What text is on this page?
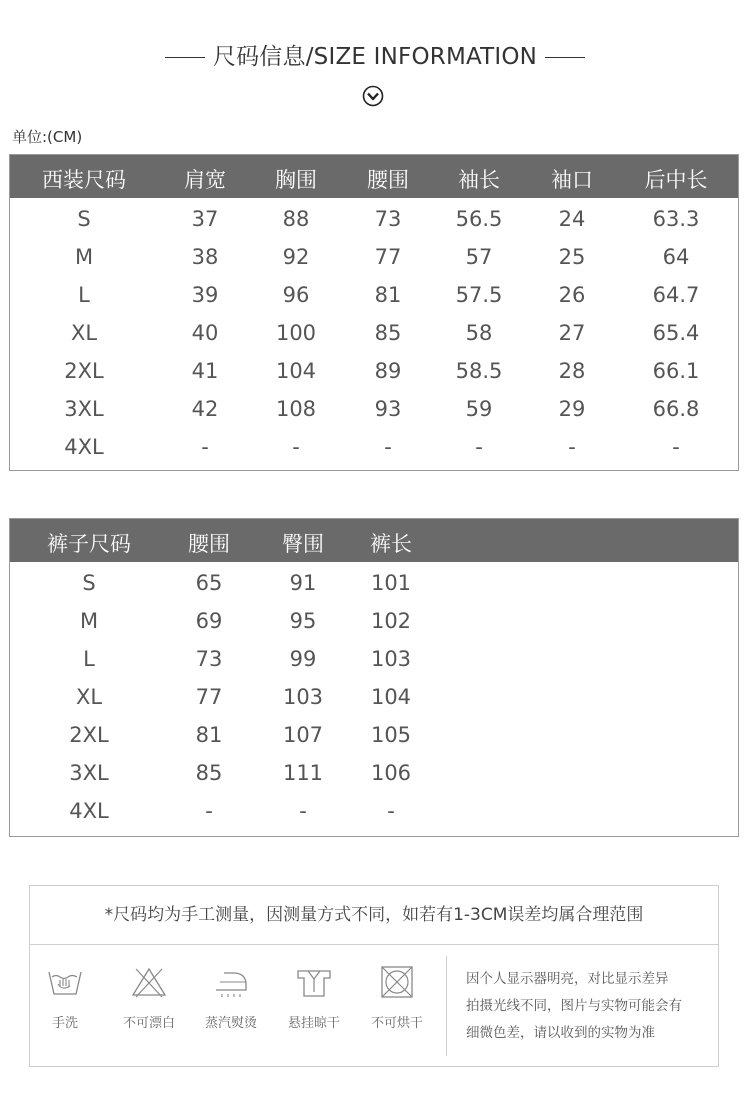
尺码信息/SIZE INFORMATION
单位:(CM)
西装尺码	肩宽	胸围	腰围	袖长	袖口	后中长
S	37	88	73	56.5	24	63.3
M	38	92	77	57	25	64
L	39	96	81	57.5	26	64.7
XL	40	100	85	58	27	65.4
2XL	41	104	89	58.5	28	66.1
3XL	42	108	93	59	29	66.8
4XL	-	-	-	-	-	-
裤子尺码	腰围	臀围	裤长
S	65	91	101
M	69	95	102
L	73	99	103
XL	77	103	104
2XL	81	107	105
3XL	85	111	106
4XL	-	-	-
*尺码均为手工测量，因测量方式不同，如若有1-3CM误差均属合理范围
手洗	不可漂白	蒸汽熨烫	悬挂晾干	不可烘干
因个人显示器明亮，对比显示差异
拍摄光线不同，图片与实物可能会有
细微色差，请以收到的实物为准
